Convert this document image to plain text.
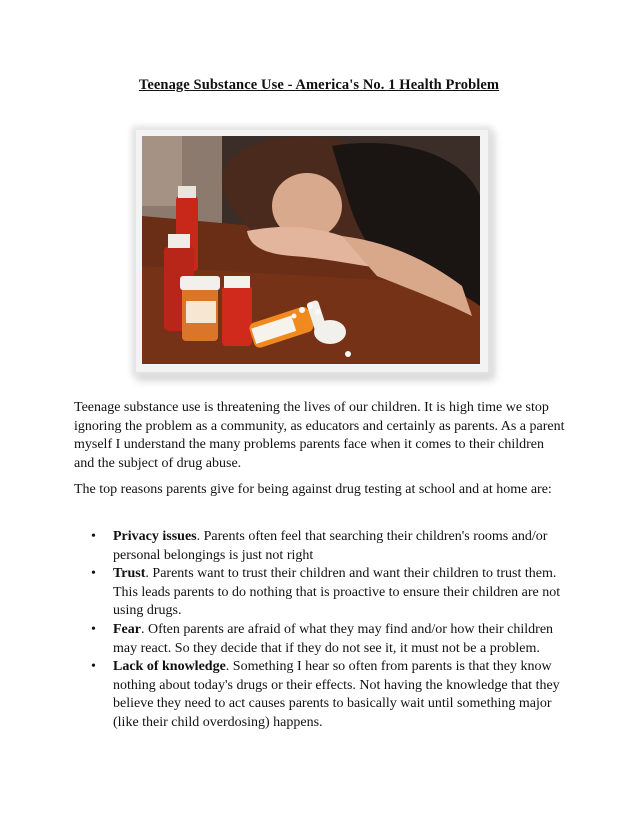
Teenage Substance Use - America's No. 1 Health Problem

Teenage substance use is threatening the lives of our children. It is high time we stop ignoring the problem as a community, as educators and certainly as parents. As a parent myself I understand the many problems parents face when it comes to their children and the subject of drug abuse.

The top reasons parents give for being against drug testing at school and at home are:

• Privacy issues. Parents often feel that searching their children's rooms and/or personal belongings is just not right
• Trust. Parents want to trust their children and want their children to trust them. This leads parents to do nothing that is proactive to ensure their children are not using drugs.
• Fear. Often parents are afraid of what they may find and/or how their children may react. So they decide that if they do not see it, it must not be a problem.
• Lack of knowledge. Something I hear so often from parents is that they know nothing about today's drugs or their effects. Not having the knowledge that they believe they need to act causes parents to basically wait until something major (like their child overdosing) happens.
